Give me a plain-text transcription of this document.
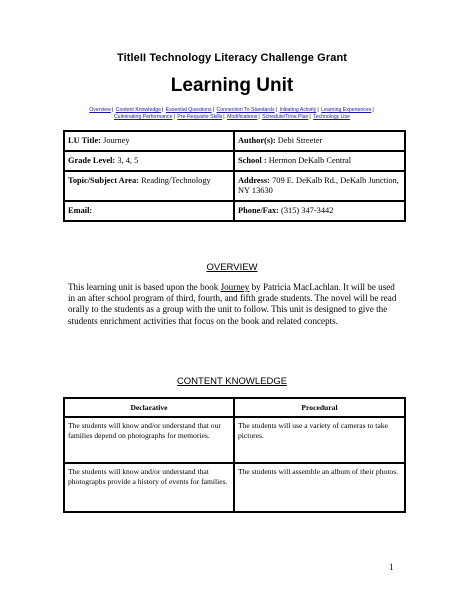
TitleII Technology Literacy Challenge Grant
Learning Unit
Overview| Content Knowledge| Essential Questions| Connection To Standards| Initiating Activity| Learning Experiences|
Culminating Performance| Pre-Requisite Skills| Modifications| Schedule/Time Plan| Technology Use
LU Title: Journey	Author(s): Debi Streeter
Grade Level: 3, 4, 5	School : Hermon DeKalb Central
Topic/Subject Area: Reading/Technology	Address: 709 E. DeKalb Rd., DeKalb Junction, NY 13630
Email:	Phone/Fax: (315) 347-3442
OVERVIEW
This learning unit is based upon the book Journey by Patricia MacLachlan. It will be used in an after school program of third, fourth, and fifth grade students. The novel will be read orally to the students as a group with the unit to follow. This unit is designed to give the students enrichment activities that focus on the book and related concepts.
CONTENT KNOWLEDGE
Declarative	Procedural
The students will know and/or understand that our families depend on photographs for memories.	The students will use a variety of cameras to take pictures.
The students will know and/or understand that photographs provide a history of events for families.	The students will assemble an album of their photos.
1
